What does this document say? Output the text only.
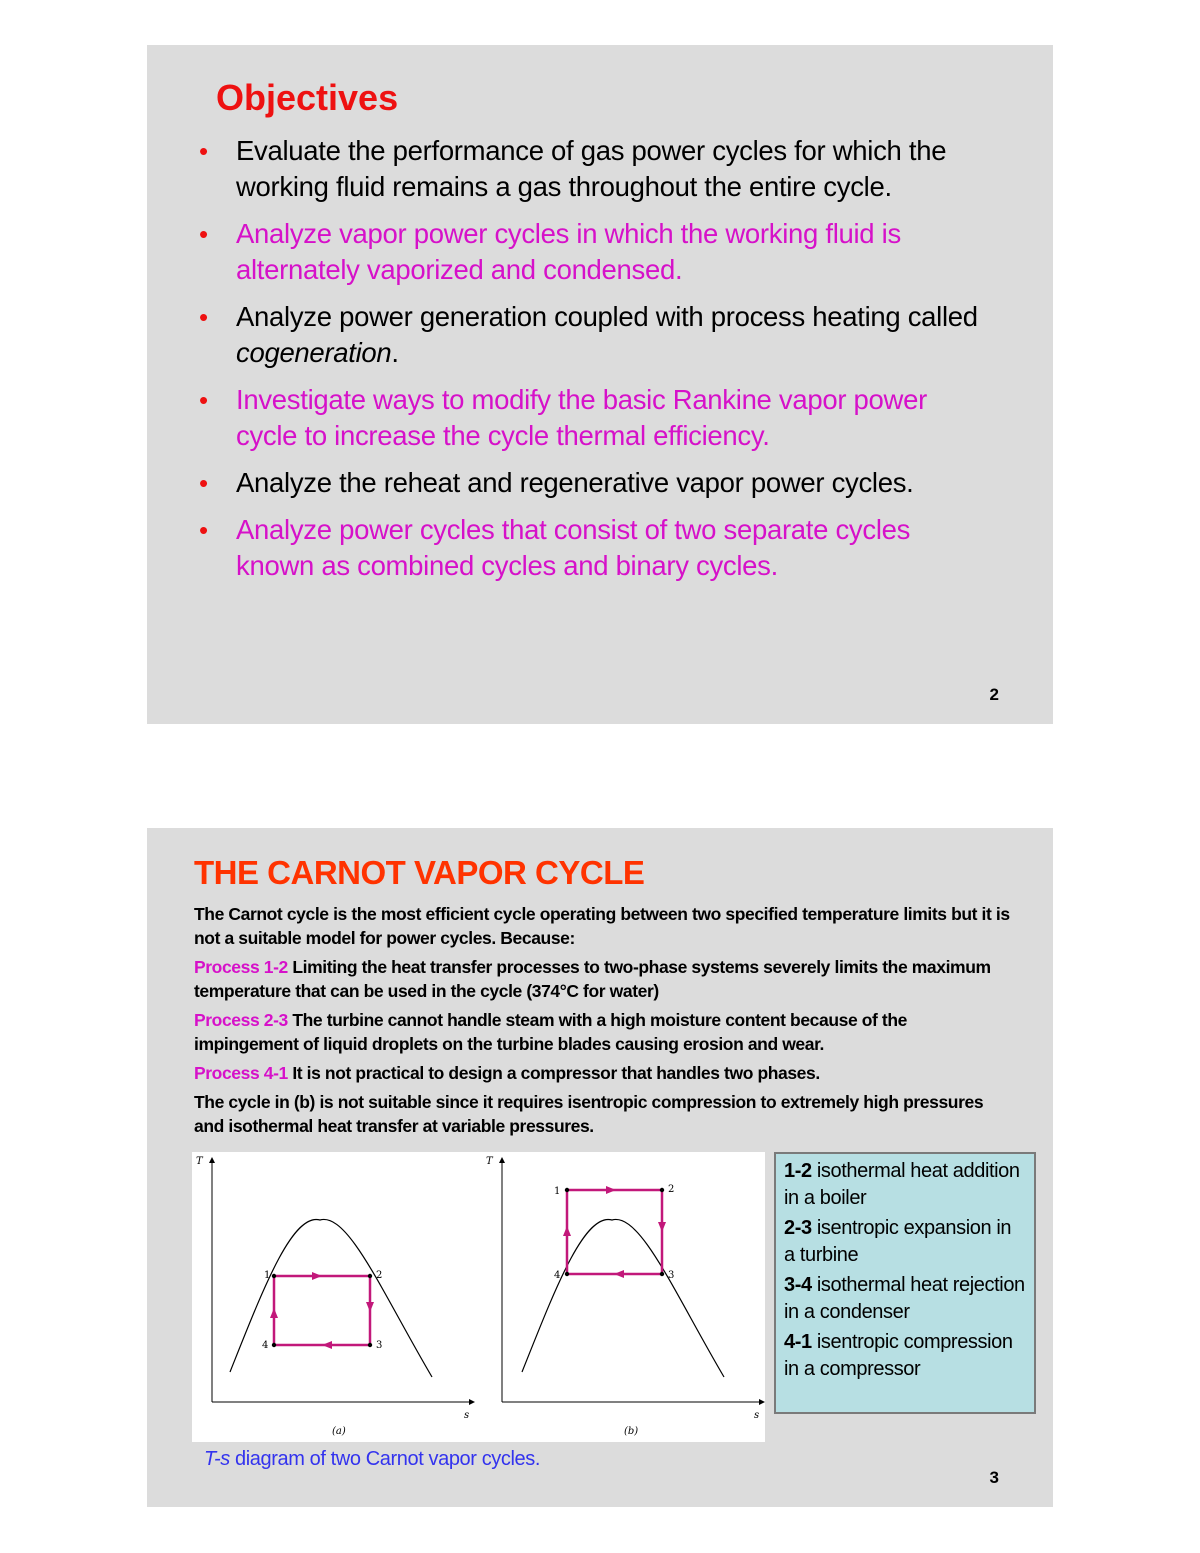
Objectives
• Evaluate the performance of gas power cycles for which the working fluid remains a gas throughout the entire cycle.
• Analyze vapor power cycles in which the working fluid is alternately vaporized and condensed.
• Analyze power generation coupled with process heating called cogeneration.
• Investigate ways to modify the basic Rankine vapor power cycle to increase the cycle thermal efficiency.
• Analyze the reheat and regenerative vapor power cycles.
• Analyze power cycles that consist of two separate cycles known as combined cycles and binary cycles.
2
THE CARNOT VAPOR CYCLE

The Carnot cycle is the most efficient cycle operating between two specified temperature limits but it is not a suitable model for power cycles. Because:

Process 1-2 Limiting the heat transfer processes to two-phase systems severely limits the maximum temperature that can be used in the cycle (374°C for water)

Process 2-3 The turbine cannot handle steam with a high moisture content because of the impingement of liquid droplets on the turbine blades causing erosion and wear.

Process 4-1 It is not practical to design a compressor that handles two phases.

The cycle in (b) is not suitable since it requires isentropic compression to extremely high pressures and isothermal heat transfer at variable pressures.

T
s
1	2
3
4
(a)
T
s
1	2
3
4
(b)

1-2 isothermal heat addition in a boiler

2-3 isentropic expansion in a turbine

3-4 isothermal heat rejection in a condenser

4-1 isentropic compression in a compressor

T-s diagram of two Carnot vapor cycles.
3
